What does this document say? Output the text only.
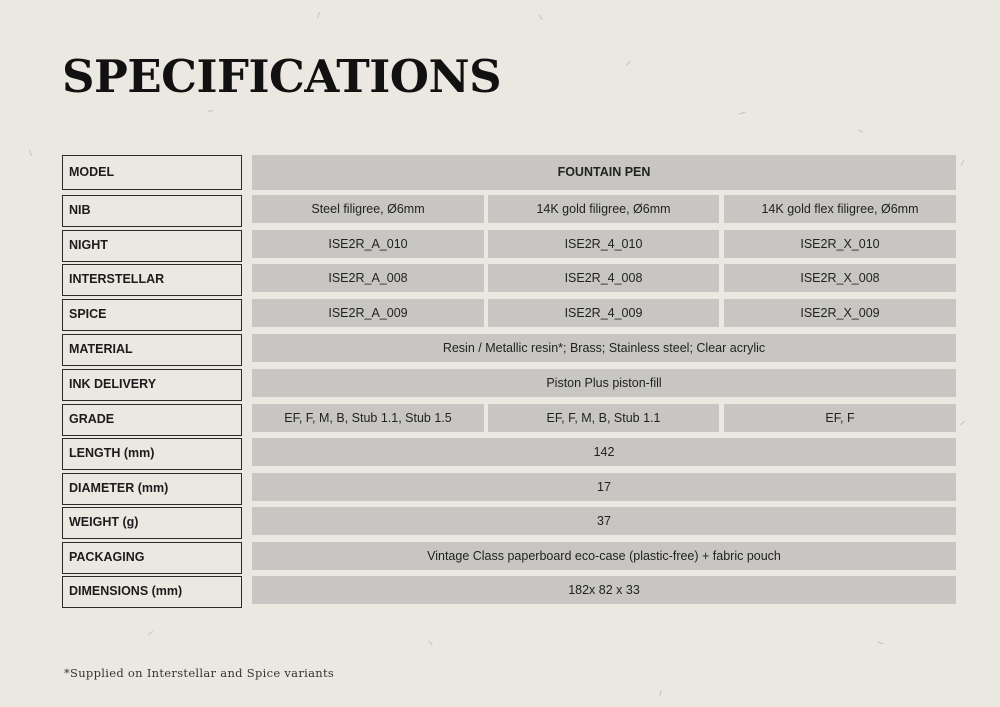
SPECIFICATIONS
MODEL	FOUNTAIN PEN
NIB	Steel filigree, Ø6mm	14K gold filigree, Ø6mm	14K gold flex filigree, Ø6mm
NIGHT	ISE2R_A_010	ISE2R_4_010	ISE2R_X_010
INTERSTELLAR	ISE2R_A_008	ISE2R_4_008	ISE2R_X_008
SPICE	ISE2R_A_009	ISE2R_4_009	ISE2R_X_009
MATERIAL	Resin / Metallic resin*; Brass; Stainless steel; Clear acrylic
INK DELIVERY	Piston Plus piston-fill
GRADE	EF, F, M, B, Stub 1.1, Stub 1.5	EF, F, M, B, Stub 1.1	EF, F
LENGTH (mm)	142
DIAMETER (mm)	17
WEIGHT (g)	37
PACKAGING	Vintage Class paperboard eco-case (plastic-free) + fabric pouch
DIMENSIONS (mm)	182x 82 x 33
*Supplied on Interstellar and Spice variants
